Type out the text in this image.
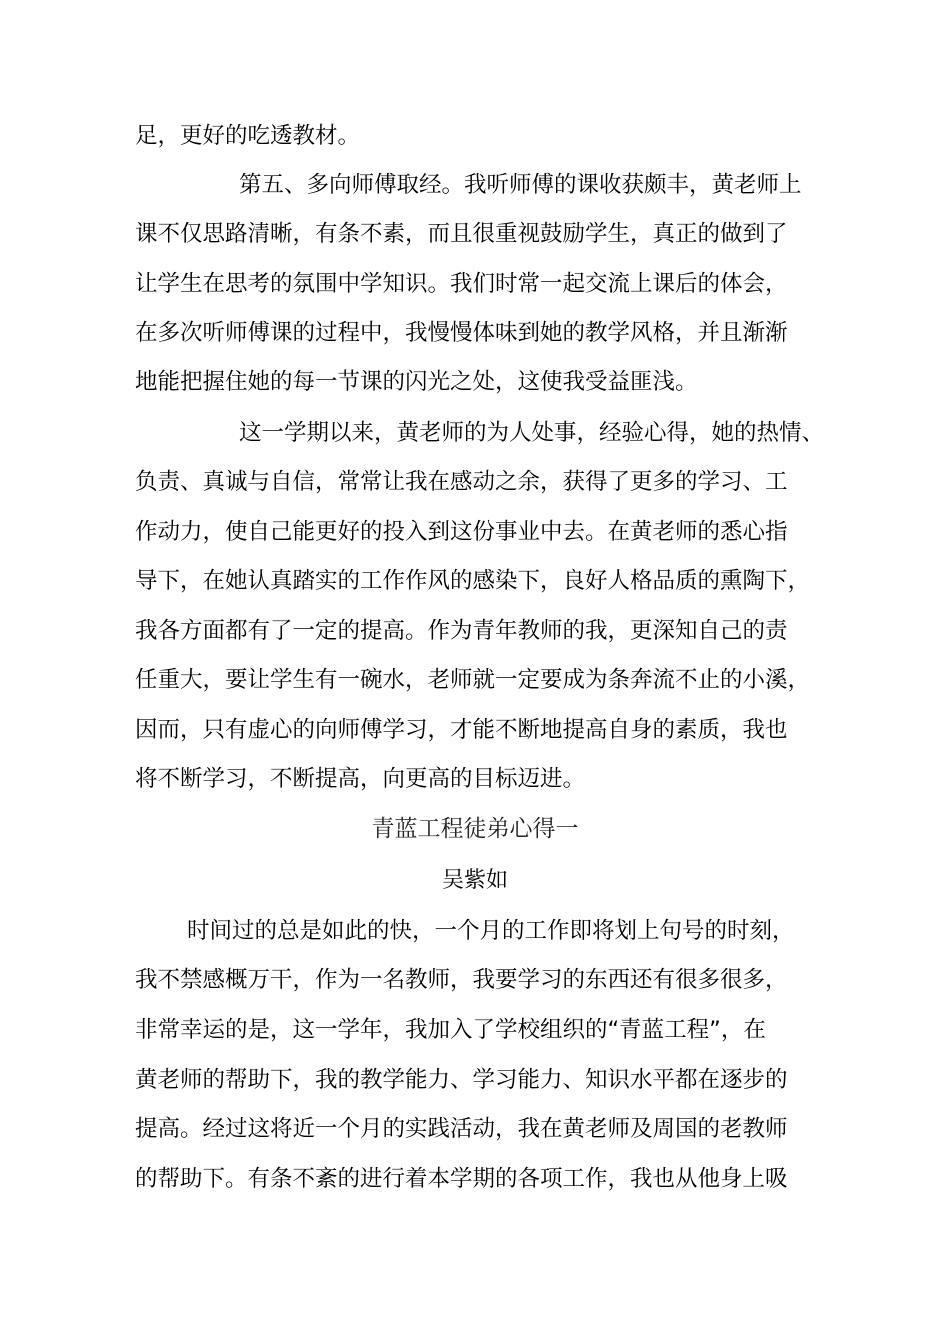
足，更好的吃透教材。
第五、多向师傅取经。我听师傅的课收获颇丰，黄老师上
课不仅思路清晰，有条不素，而且很重视鼓励学生，真正的做到了
让学生在思考的氛围中学知识。我们时常一起交流上课后的体会，
在多次听师傅课的过程中，我慢慢体味到她的教学风格，并且渐渐
地能把握住她的每一节课的闪光之处，这使我受益匪浅。
这一学期以来，黄老师的为人处事，经验心得，她的热情、
负责、真诚与自信，常常让我在感动之余，获得了更多的学习、工
作动力，使自己能更好的投入到这份事业中去。在黄老师的悉心指
导下，在她认真踏实的工作作风的感染下，良好人格品质的熏陶下，
我各方面都有了一定的提高。作为青年教师的我，更深知自己的责
任重大，要让学生有一碗水，老师就一定要成为条奔流不止的小溪，
因而，只有虚心的向师傅学习，才能不断地提高自身的素质，我也
将不断学习，不断提高，向更高的目标迈进。
青蓝工程徒弟心得一
吴紫如
时间过的总是如此的快，一个月的工作即将划上句号的时刻，
我不禁感概万干，作为一名教师，我要学习的东西还有很多很多，
非常幸运的是，这一学年，我加入了学校组织的“青蓝工程”，在
黄老师的帮助下，我的教学能力、学习能力、知识水平都在逐步的
提高。经过这将近一个月的实践活动，我在黄老师及周国的老教师
的帮助下。有条不紊的进行着本学期的各项工作，我也从他身上吸
